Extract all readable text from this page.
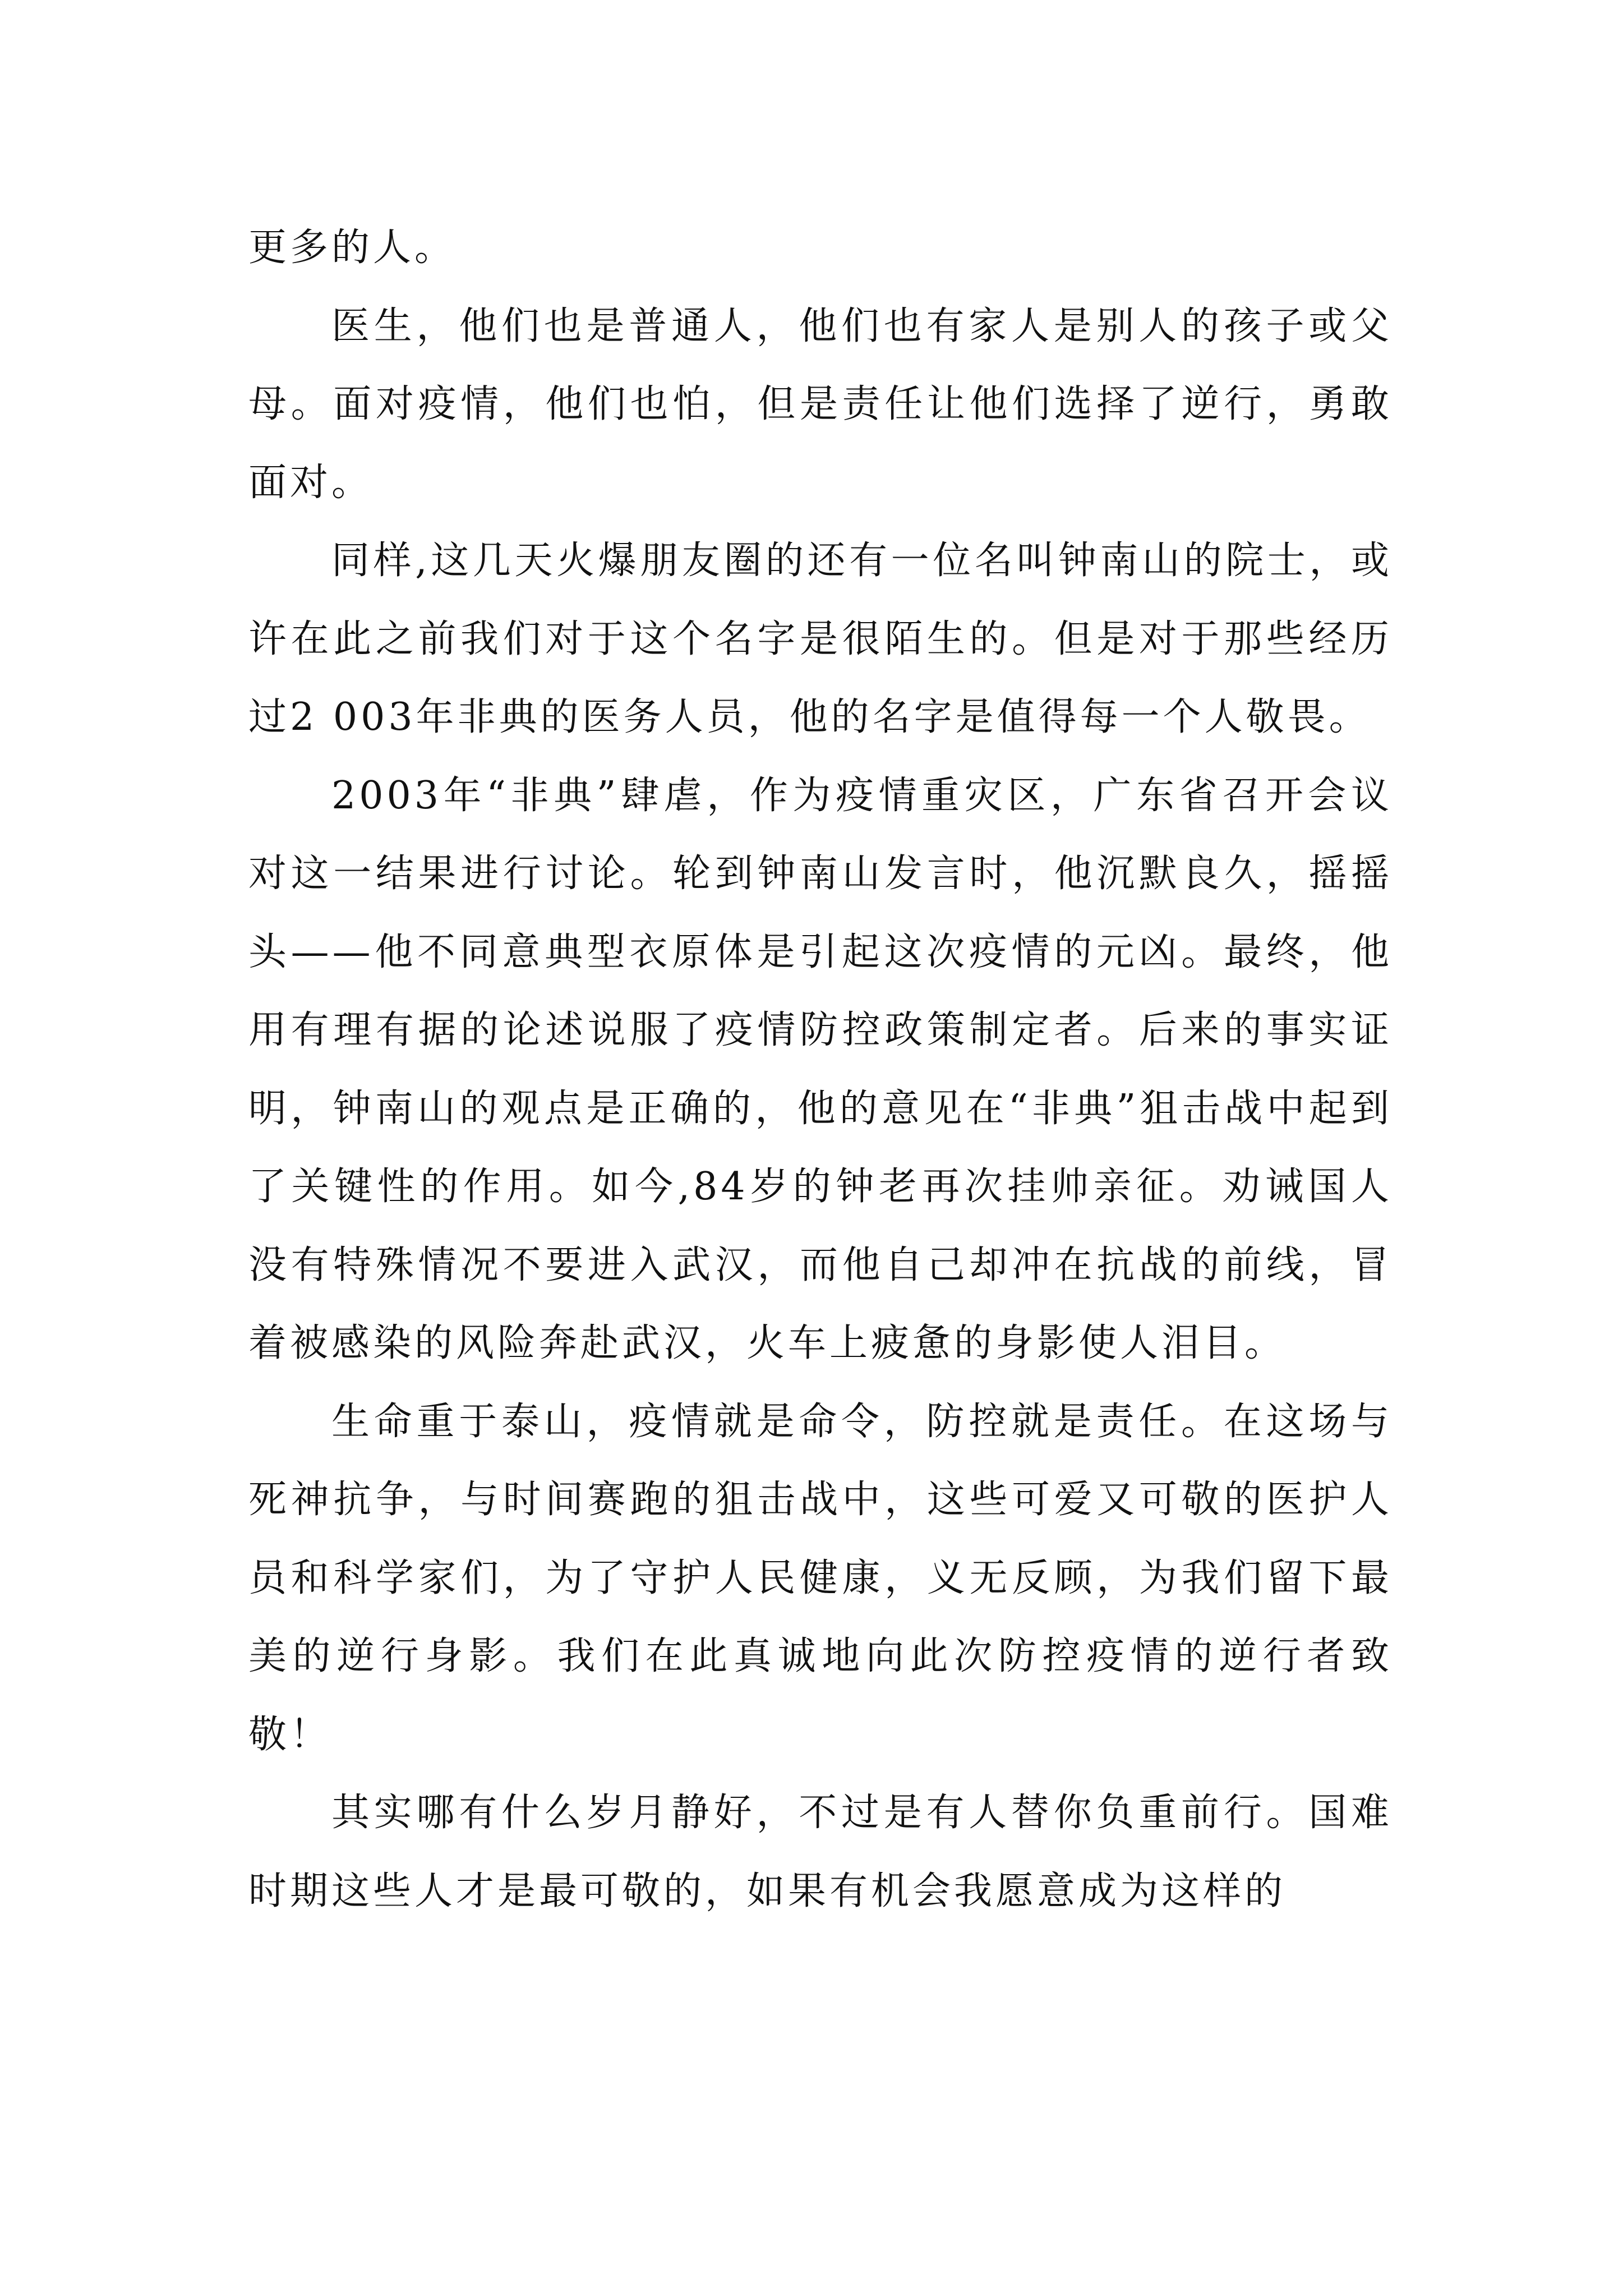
更多的人。

医生，他们也是普通人，他们也有家人是别人的孩子或父母。面对疫情，他们也怕，但是责任让他们选择了逆行，勇敢面对。

同样,这几天火爆朋友圈的还有一位名叫钟南山的院士，或许在此之前我们对于这个名字是很陌生的。但是对于那些经历过2 003年非典的医务人员，他的名字是值得每一个人敬畏。

2003年“非典”肆虐，作为疫情重灾区，广东省召开会议对这一结果进行讨论。轮到钟南山发言时，他沉默良久，摇摇头——他不同意典型衣原体是引起这次疫情的元凶。最终，他用有理有据的论述说服了疫情防控政策制定者。后来的事实证明，钟南山的观点是正确的，他的意见在“非典”狙击战中起到了关键性的作用。如今,84岁的钟老再次挂帅亲征。劝诫国人没有特殊情况不要进入武汉，而他自己却冲在抗战的前线，冒着被感染的风险奔赴武汉，火车上疲惫的身影使人泪目。

生命重于泰山，疫情就是命令，防控就是责任。在这场与死神抗争，与时间赛跑的狙击战中，这些可爱又可敬的医护人员和科学家们，为了守护人民健康，义无反顾，为我们留下最美的逆行身影。我们在此真诚地向此次防控疫情的逆行者致敬！

其实哪有什么岁月静好，不过是有人替你负重前行。国难时期这些人才是最可敬的，如果有机会我愿意成为这样的
